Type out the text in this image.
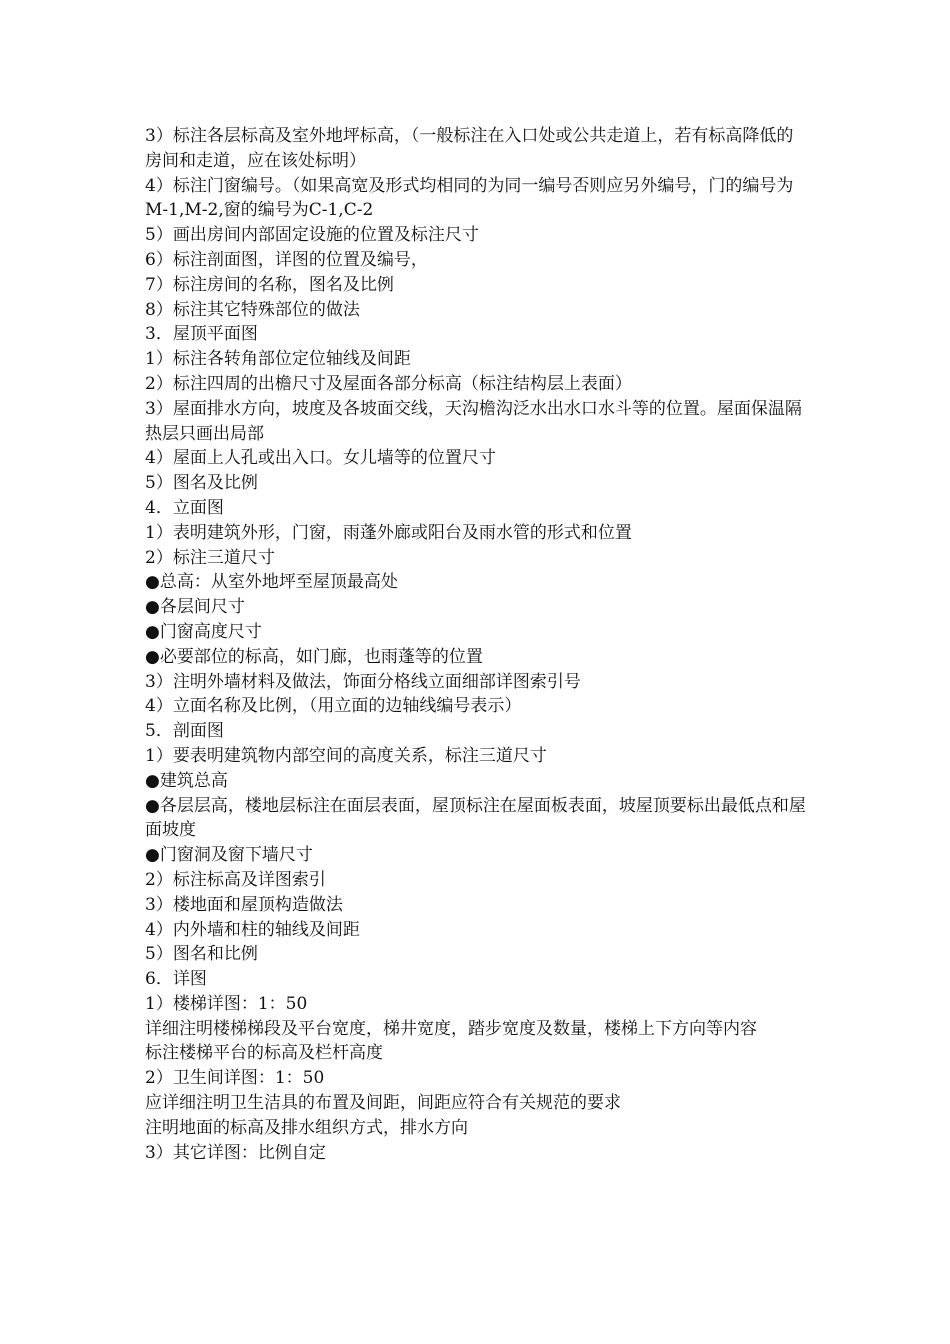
3）标注各层标高及室外地坪标高，（一般标注在入口处或公共走道上，若有标高降低的房间和走道，应在该处标明）

4）标注门窗编号。（如果高宽及形式均相同的为同一编号否则应另外编号，门的编号为M-1,M-2,窗的编号为C-1,C-2

5）画出房间内部固定设施的位置及标注尺寸

6）标注剖面图，详图的位置及编号，

7）标注房间的名称，图名及比例

8）标注其它特殊部位的做法

3．屋顶平面图

1）标注各转角部位定位轴线及间距

2）标注四周的出檐尺寸及屋面各部分标高（标注结构层上表面）

3）屋面排水方向，坡度及各坡面交线，天沟檐沟泛水出水口水斗等的位置。屋面保温隔热层只画出局部

4）屋面上人孔或出入口。女儿墙等的位置尺寸

5）图名及比例

4．立面图

1）表明建筑外形，门窗，雨蓬外廊或阳台及雨水管的形式和位置

2）标注三道尺寸

●总高：从室外地坪至屋顶最高处

●各层间尺寸

●门窗高度尺寸

●必要部位的标高，如门廊，也雨蓬等的位置

3）注明外墙材料及做法，饰面分格线立面细部详图索引号

4）立面名称及比例，（用立面的边轴线编号表示）

5．剖面图

1）要表明建筑物内部空间的高度关系，标注三道尺寸

●建筑总高

●各层层高，楼地层标注在面层表面，屋顶标注在屋面板表面，坡屋顶要标出最低点和屋面坡度

●门窗洞及窗下墙尺寸

2）标注标高及详图索引

3）楼地面和屋顶构造做法

4）内外墙和柱的轴线及间距

5）图名和比例

6．详图

1）楼梯详图：1：50

详细注明楼梯梯段及平台宽度，梯井宽度，踏步宽度及数量，楼梯上下方向等内容

标注楼梯平台的标高及栏杆高度

2）卫生间详图：1：50

应详细注明卫生洁具的布置及间距，间距应符合有关规范的要求

注明地面的标高及排水组织方式，排水方向

3）其它详图：比例自定
